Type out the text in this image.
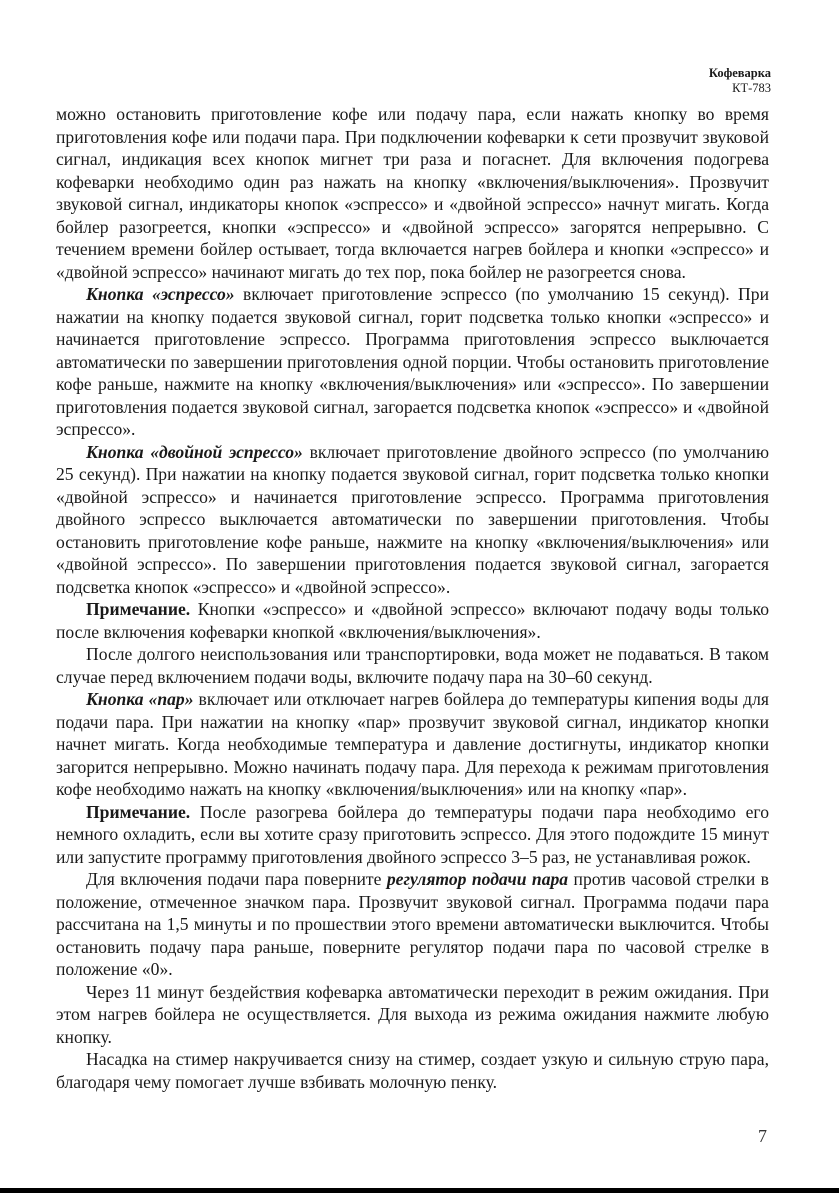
Кофеварка
КТ-783

можно остановить приготовление кофе или подачу пара, если нажать кнопку во время приготовления кофе или подачи пара. При подключении кофеварки к сети прозвучит звуковой сигнал, индикация всех кнопок мигнет три раза и погаснет. Для включения подогрева кофеварки необходимо один раз нажать на кнопку «включения/выключения». Прозвучит звуковой сигнал, индикаторы кнопок «эспрессо» и «двойной эспрессо» начнут мигать. Когда бойлер разогреется, кнопки «эспрессо» и «двойной эспрессо» загорятся непрерывно. С течением времени бойлер остывает, тогда включается нагрев бойлера и кнопки «эспрессо» и «двойной эспрессо» начинают мигать до тех пор, пока бойлер не разогреется снова.

Кнопка «эспрессо» включает приготовление эспрессо (по умолчанию 15 секунд). При нажатии на кнопку подается звуковой сигнал, горит подсветка только кнопки «эспрессо» и начинается приготовление эспрессо. Программа приготовления эспрессо выключается автоматически по завершении приготовления одной порции. Чтобы остановить приготовление кофе раньше, нажмите на кнопку «включения/выключения» или «эспрессо». По завершении приготовления подается звуковой сигнал, загорается подсветка кнопок «эспрессо» и «двойной эспрессо».

Кнопка «двойной эспрессо» включает приготовление двойного эспрессо (по умолчанию 25 секунд). При нажатии на кнопку подается звуковой сигнал, горит подсветка только кнопки «двойной эспрессо» и начинается приготовление эспрессо. Программа приготовления двойного эспрессо выключается автоматически по завершении приготовления. Чтобы остановить приготовление кофе раньше, нажмите на кнопку «включения/выключения» или «двойной эспрессо». По завершении приготовления подается звуковой сигнал, загорается подсветка кнопок «эспрессо» и «двойной эспрессо».

Примечание. Кнопки «эспрессо» и «двойной эспрессо» включают подачу воды только после включения кофеварки кнопкой «включения/выключения».

После долгого неиспользования или транспортировки, вода может не подаваться. В таком случае перед включением подачи воды, включите подачу пара на 30–60 секунд.

Кнопка «пар» включает или отключает нагрев бойлера до температуры кипения воды для подачи пара. При нажатии на кнопку «пар» прозвучит звуковой сигнал, индикатор кнопки начнет мигать. Когда необходимые температура и давление достигнуты, индикатор кнопки загорится непрерывно. Можно начинать подачу пара. Для перехода к режимам приготовления кофе необходимо нажать на кнопку «включения/выключения» или на кнопку «пар».

Примечание. После разогрева бойлера до температуры подачи пара необходимо его немного охладить, если вы хотите сразу приготовить эспрессо. Для этого подождите 15 минут или запустите программу приготовления двойного эспрессо 3–5 раз, не устанавливая рожок.

Для включения подачи пара поверните регулятор подачи пара против часовой стрелки в положение, отмеченное значком пара. Прозвучит звуковой сигнал. Программа подачи пара рассчитана на 1,5 минуты и по прошествии этого времени автоматически выключится. Чтобы остановить подачу пара раньше, поверните регулятор подачи пара по часовой стрелке в положение «0».

Через 11 минут бездействия кофеварка автоматически переходит в режим ожидания. При этом нагрев бойлера не осуществляется. Для выхода из режима ожидания нажмите любую кнопку.

Насадка на стимер накручивается снизу на стимер, создает узкую и сильную струю пара, благодаря чему помогает лучше взбивать молочную пенку.

7
